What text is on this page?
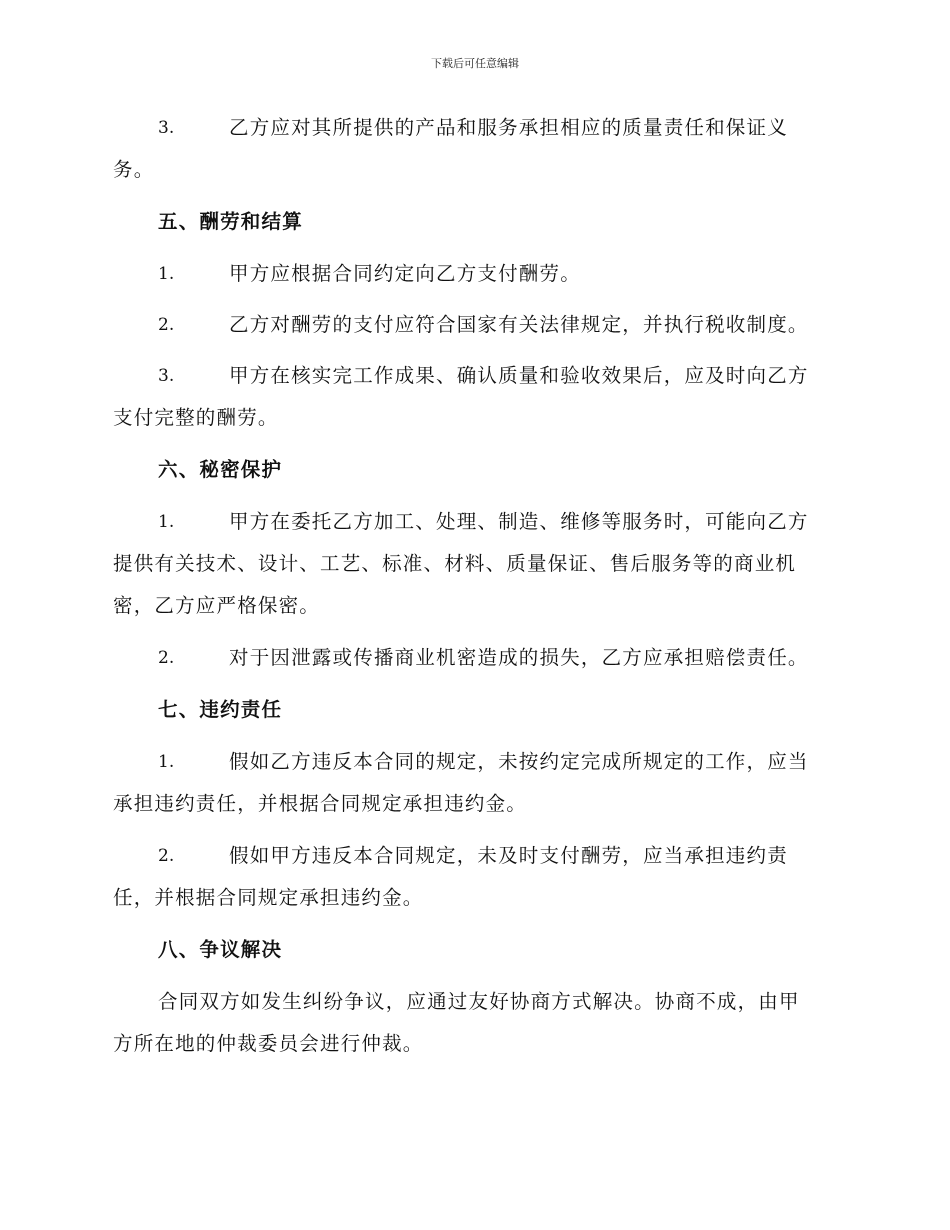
下载后可任意编辑
3.	乙方应对其所提供的产品和服务承担相应的质量责任和保证义
务。
五、酬劳和结算
1.	甲方应根据合同约定向乙方支付酬劳。
2.	乙方对酬劳的支付应符合国家有关法律规定，并执行税收制度。
3.	甲方在核实完工作成果、确认质量和验收效果后，应及时向乙方
支付完整的酬劳。
六、秘密保护
1.	甲方在委托乙方加工、处理、制造、维修等服务时，可能向乙方
提供有关技术、设计、工艺、标准、材料、质量保证、售后服务等的商业机
密，乙方应严格保密。
2.	对于因泄露或传播商业机密造成的损失，乙方应承担赔偿责任。
七、违约责任
1.	假如乙方违反本合同的规定，未按约定完成所规定的工作，应当
承担违约责任，并根据合同规定承担违约金。
2.	假如甲方违反本合同规定，未及时支付酬劳，应当承担违约责
任，并根据合同规定承担违约金。
八、争议解决
合同双方如发生纠纷争议，应通过友好协商方式解决。协商不成，由甲
方所在地的仲裁委员会进行仲裁。
